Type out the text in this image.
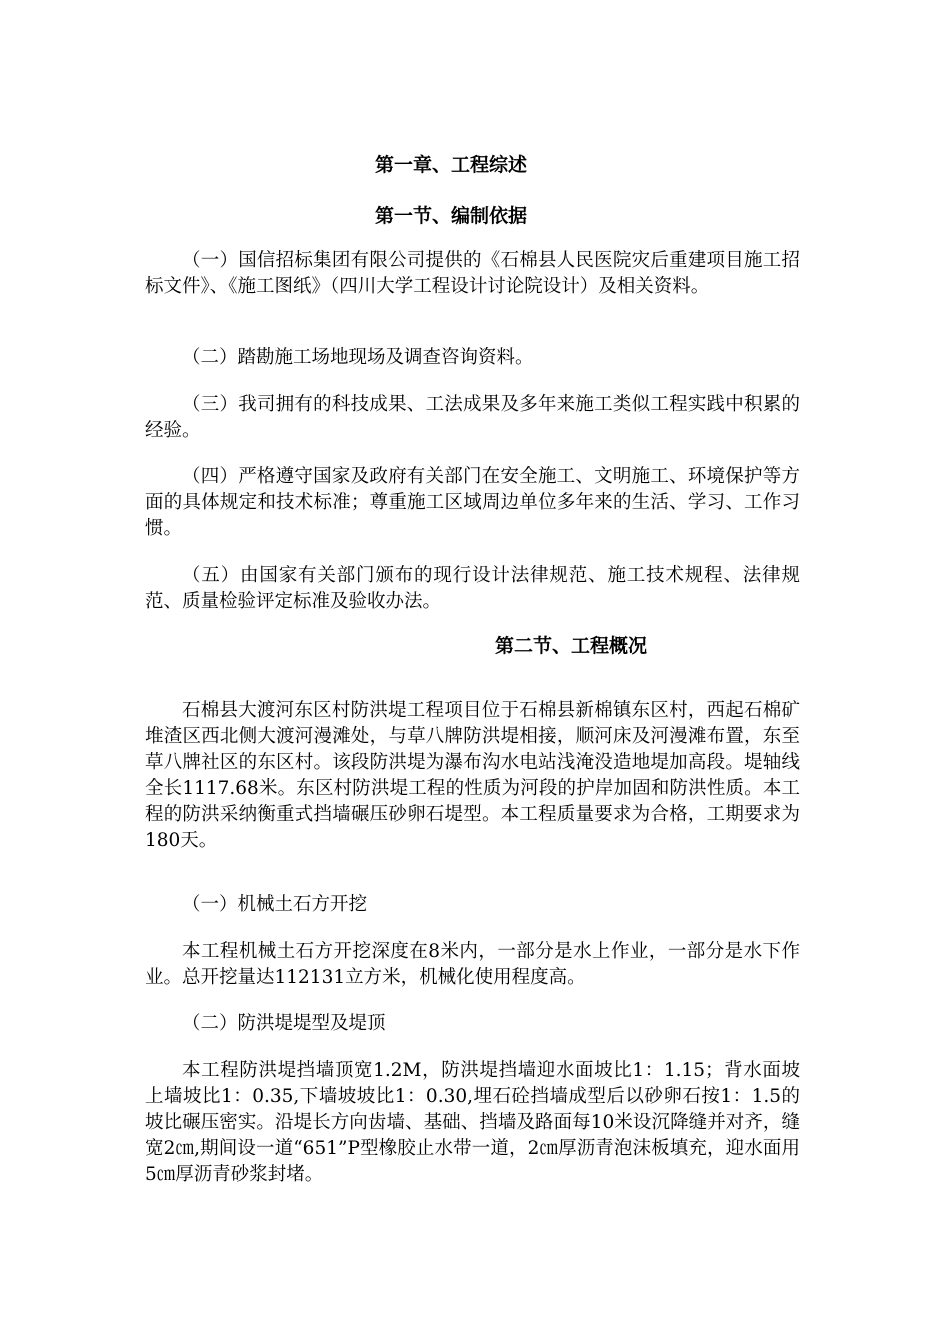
第一章、工程综述
第一节、编制依据

（一）国信招标集团有限公司提供的《石棉县人民医院灾后重建项目施工招标文件》、《施工图纸》（四川大学工程设计讨论院设计）及相关资料。

（二）踏勘施工场地现场及调查咨询资料。

（三）我司拥有的科技成果、工法成果及多年来施工类似工程实践中积累的经验。

（四）严格遵守国家及政府有关部门在安全施工、文明施工、环境保护等方面的具体规定和技术标准；尊重施工区域周边单位多年来的生活、学习、工作习惯。

（五）由国家有关部门颁布的现行设计法律规范、施工技术规程、法律规范、质量检验评定标准及验收办法。

第二节、工程概况

石棉县大渡河东区村防洪堤工程项目位于石棉县新棉镇东区村，西起石棉矿堆渣区西北侧大渡河漫滩处，与草八牌防洪堤相接，顺河床及河漫滩布置，东至草八牌社区的东区村。该段防洪堤为瀑布沟水电站浅淹没造地堤加高段。堤轴线全长1117.68米。东区村防洪堤工程的性质为河段的护岸加固和防洪性质。本工程的防洪采纳衡重式挡墙碾压砂卵石堤型。本工程质量要求为合格，工期要求为180天。

（一）机械土石方开挖

本工程机械土石方开挖深度在8米内，一部分是水上作业，一部分是水下作业。总开挖量达112131立方米，机械化使用程度高。

（二）防洪堤堤型及堤顶

本工程防洪堤挡墙顶宽1.2M，防洪堤挡墙迎水面坡比1：1.15；背水面坡上墙坡比1：0.35,下墙坡坡比1：0.30,埋石砼挡墙成型后以砂卵石按1：1.5的坡比碾压密实。沿堤长方向齿墙、基础、挡墙及路面每10米设沉降缝并对齐，缝宽2㎝,期间设一道“651”P型橡胶止水带一道，2㎝厚沥青泡沫板填充，迎水面用5㎝厚沥青砂浆封堵。
